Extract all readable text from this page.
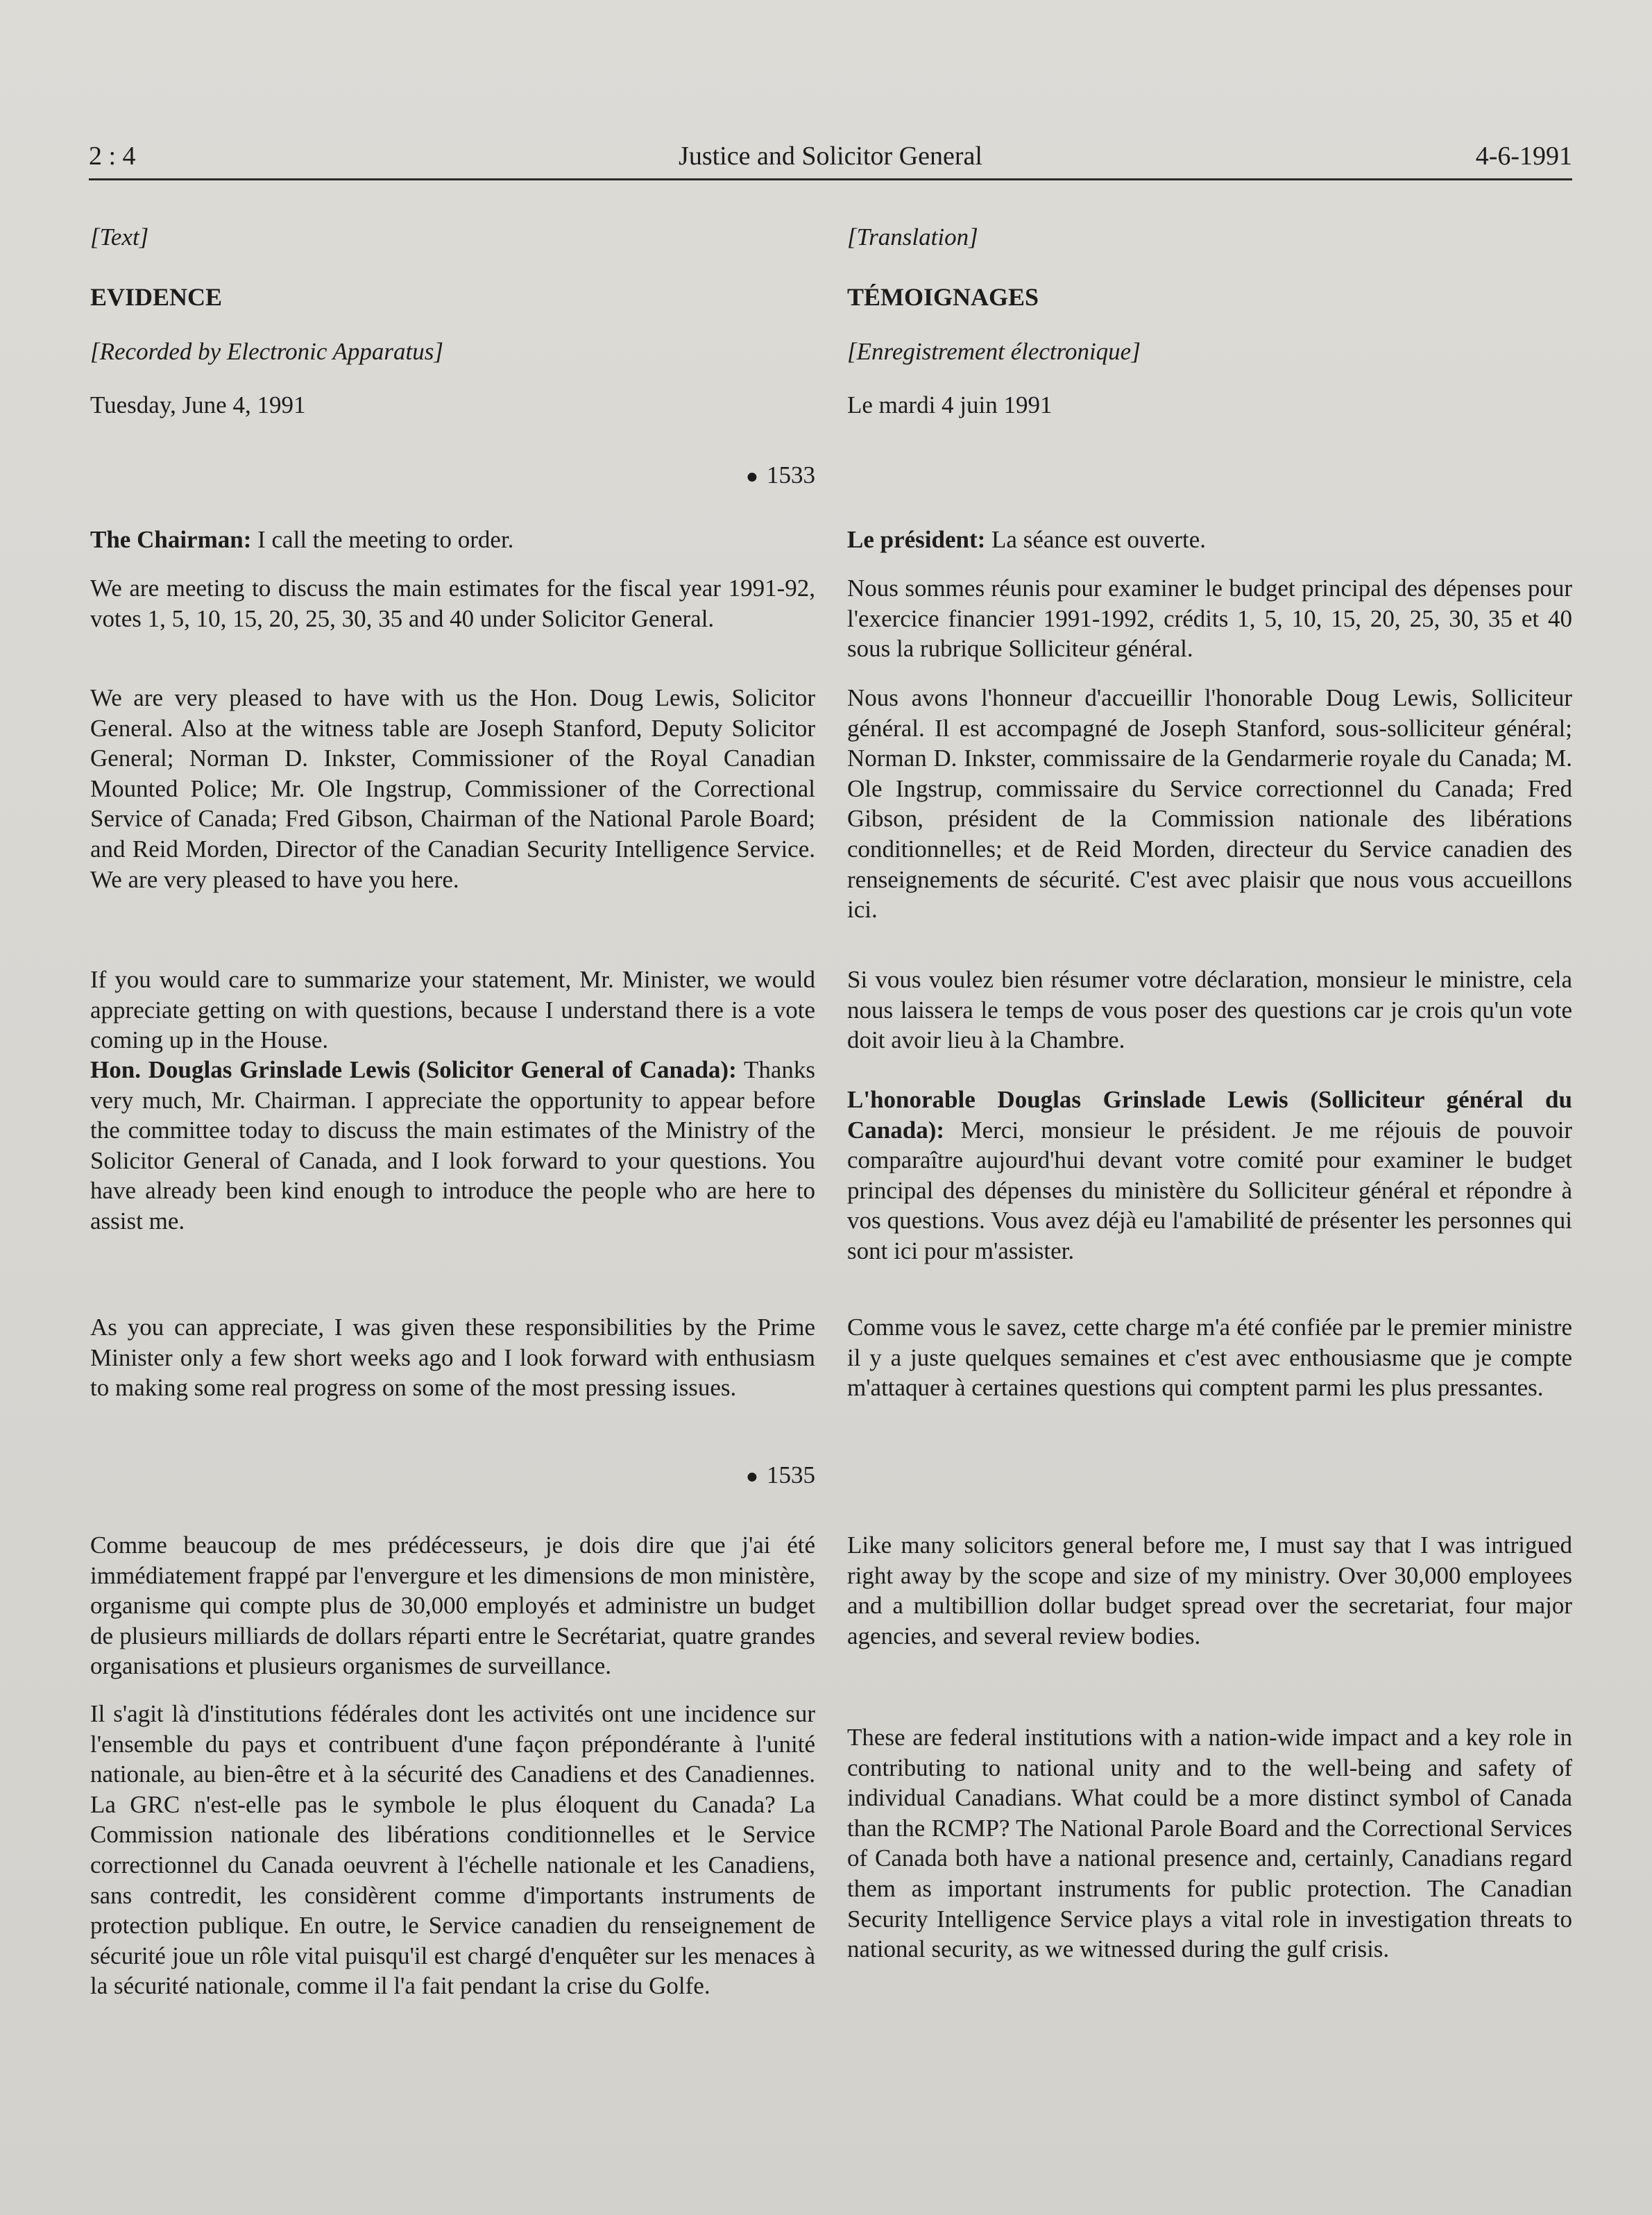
Justice and Solicitor General
2 : 4	4-6-1991

[Text]

EVIDENCE

[Recorded by Electronic Apparatus]

Tuesday, June 4, 1991

● 1533

The Chairman: I call the meeting to order.

We are meeting to discuss the main estimates for the fiscal year 1991-92, votes 1, 5, 10, 15, 20, 25, 30, 35 and 40 under Solicitor General.

We are very pleased to have with us the Hon. Doug Lewis, Solicitor General. Also at the witness table are Joseph Stanford, Deputy Solicitor General; Norman D. Inkster, Commissioner of the Royal Canadian Mounted Police; Mr. Ole Ingstrup, Commissioner of the Correctional Service of Canada; Fred Gibson, Chairman of the National Parole Board; and Reid Morden, Director of the Canadian Security Intelligence Service. We are very pleased to have you here.

If you would care to summarize your statement, Mr. Minister, we would appreciate getting on with questions, because I understand there is a vote coming up in the House.

Hon. Douglas Grinslade Lewis (Solicitor General of Canada): Thanks very much, Mr. Chairman. I appreciate the opportunity to appear before the committee today to discuss the main estimates of the Ministry of the Solicitor General of Canada, and I look forward to your questions. You have already been kind enough to introduce the people who are here to assist me.

As you can appreciate, I was given these responsibilities by the Prime Minister only a few short weeks ago and I look forward with enthusiasm to making some real progress on some of the most pressing issues.

● 1535

Comme beaucoup de mes prédécesseurs, je dois dire que j'ai été immédiatement frappé par l'envergure et les dimensions de mon ministère, organisme qui compte plus de 30,000 employés et administre un budget de plusieurs milliards de dollars réparti entre le Secrétariat, quatre grandes organisations et plusieurs organismes de surveillance.

Il s'agit là d'institutions fédérales dont les activités ont une incidence sur l'ensemble du pays et contribuent d'une façon prépondérante à l'unité nationale, au bien-être et à la sécurité des Canadiens et des Canadiennes. La GRC n'est-elle pas le symbole le plus éloquent du Canada? La Commission nationale des libérations conditionnelles et le Service correctionnel du Canada oeuvrent à l'échelle nationale et les Canadiens, sans contredit, les considèrent comme d'importants instruments de protection publique. En outre, le Service canadien du renseignement de sécurité joue un rôle vital puisqu'il est chargé d'enquêter sur les menaces à la sécurité nationale, comme il l'a fait pendant la crise du Golfe.

[Translation]

TÉMOIGNAGES

[Enregistrement électronique]

Le mardi 4 juin 1991

Le président: La séance est ouverte.

Nous sommes réunis pour examiner le budget principal des dépenses pour l'exercice financier 1991-1992, crédits 1, 5, 10, 15, 20, 25, 30, 35 et 40 sous la rubrique Solliciteur général.

Nous avons l'honneur d'accueillir l'honorable Doug Lewis, Solliciteur général. Il est accompagné de Joseph Stanford, sous-solliciteur général; Norman D. Inkster, commissaire de la Gendarmerie royale du Canada; M. Ole Ingstrup, commissaire du Service correctionnel du Canada; Fred Gibson, président de la Commission nationale des libérations conditionnelles; et de Reid Morden, directeur du Service canadien des renseignements de sécurité. C'est avec plaisir que nous vous accueillons ici.

Si vous voulez bien résumer votre déclaration, monsieur le ministre, cela nous laissera le temps de vous poser des questions car je crois qu'un vote doit avoir lieu à la Chambre.

L'honorable Douglas Grinslade Lewis (Solliciteur général du Canada): Merci, monsieur le président. Je me réjouis de pouvoir comparaître aujourd'hui devant votre comité pour examiner le budget principal des dépenses du ministère du Solliciteur général et répondre à vos questions. Vous avez déjà eu l'amabilité de présenter les personnes qui sont ici pour m'assister.

Comme vous le savez, cette charge m'a été confiée par le premier ministre il y a juste quelques semaines et c'est avec enthousiasme que je compte m'attaquer à certaines questions qui comptent parmi les plus pressantes.

Like many solicitors general before me, I must say that I was intrigued right away by the scope and size of my ministry. Over 30,000 employees and a multibillion dollar budget spread over the secretariat, four major agencies, and several review bodies.

These are federal institutions with a nation-wide impact and a key role in contributing to national unity and to the well-being and safety of individual Canadians. What could be a more distinct symbol of Canada than the RCMP? The National Parole Board and the Correctional Services of Canada both have a national presence and, certainly, Canadians regard them as important instruments for public protection. The Canadian Security Intelligence Service plays a vital role in investigation threats to national security, as we witnessed during the gulf crisis.
